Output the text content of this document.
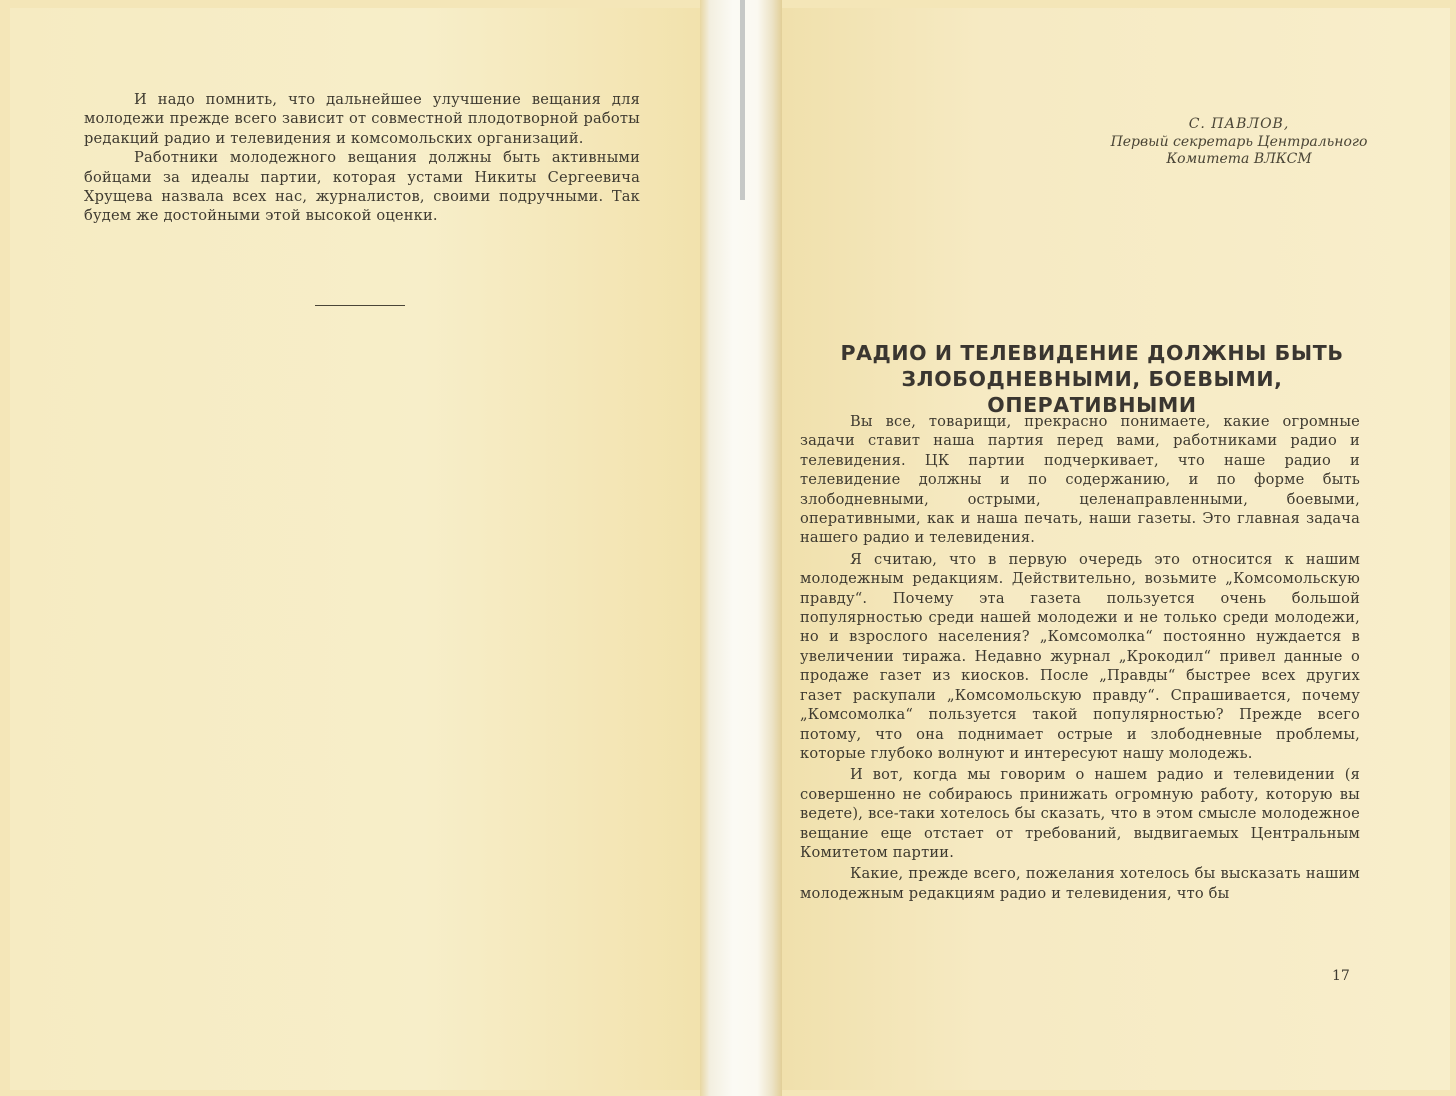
И надо помнить, что дальнейшее улучшение вещания для молодежи прежде всего зависит от совместной плодотворной работы редакций радио и телевидения и комсомольских организаций.

Работники молодежного вещания должны быть активными бойцами за идеалы партии, которая устами Никиты Сергеевича Хрущева назвала всех нас, журналистов, своими подручными. Так будем же достойными этой высокой оценки.

С. ПАВЛОВ,
Первый секретарь Центрального
Комитета ВЛКСМ
РАДИО И ТЕЛЕВИДЕНИЕ ДОЛЖНЫ БЫТЬ
ЗЛОБОДНЕВНЫМИ, БОЕВЫМИ, ОПЕРАТИВНЫМИ

Вы все, товарищи, прекрасно понимаете, какие огромные задачи ставит наша партия перед вами, работниками радио и телевидения. ЦК партии подчеркивает, что наше радио и телевидение должны и по содержанию, и по форме быть злободневными, острыми, целенаправленными, боевыми, оперативными, как и наша печать, наши газеты. Это главная задача нашего радио и телевидения.

Я считаю, что в первую очередь это относится к нашим молодежным редакциям. Действительно, возьмите „Комсомольскую правду“. Почему эта газета пользуется очень большой популярностью среди нашей молодежи и не только среди молодежи, но и взрослого населения? „Комсомолка“ постоянно нуждается в увеличении тиража. Недавно журнал „Крокодил“ привел данные о продаже газет из киосков. После „Правды“ быстрее всех других газет раскупали „Комсомольскую правду“. Спрашивается, почему „Комсомолка“ пользуется такой популярностью? Прежде всего потому, что она поднимает острые и злободневные проблемы, которые глубоко волнуют и интересуют нашу молодежь.

И вот, когда мы говорим о нашем радио и телевидении (я совершенно не собираюсь принижать огромную работу, которую вы ведете), все-таки хотелось бы сказать, что в этом смысле молодежное вещание еще отстает от требований, выдвигаемых Центральным Комитетом партии.

Какие, прежде всего, пожелания хотелось бы высказать нашим молодежным редакциям радио и телевидения, что бы

17
